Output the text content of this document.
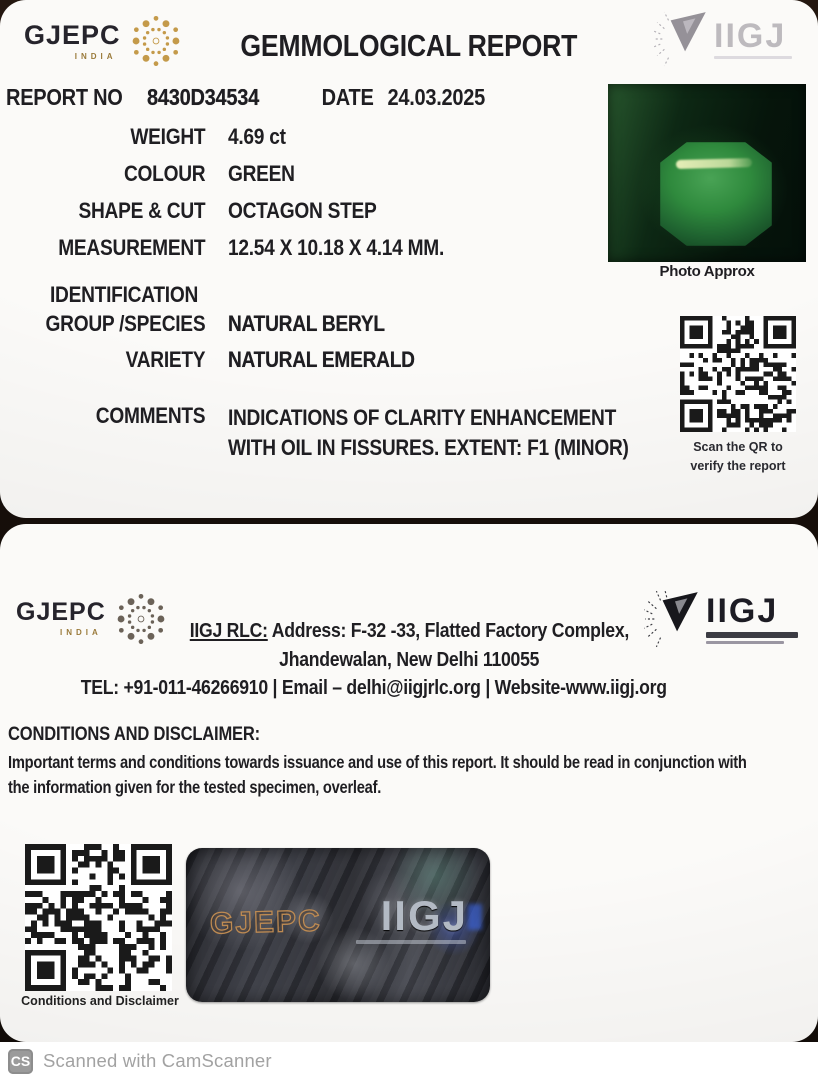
GJEPC
INDIA
IIGJ
GEMMOLOGICAL REPORT
REPORT NO 8430D34534	DATE 24.03.2025
WEIGHT 4.69 ct
COLOUR GREEN
SHAPE & CUT OCTAGON STEP
MEASUREMENT 12.54 X 10.18 X 4.14 MM.
IDENTIFICATION
GROUP /SPECIES NATURAL BERYL
VARIETY NATURAL EMERALD
COMMENTS INDICATIONS OF CLARITY ENHANCEMENT
WITH OIL IN FISSURES. EXTENT: F1 (MINOR)
Photo Approx
Scan the QR to
verify the report
GJEPC
INDIA
IIGJ
IIGJ RLC: Address: F-32 -33, Flatted Factory Complex,
Jhandewalan, New Delhi 110055
TEL: +91-011-46266910 | Email – delhi@iigjrlc.org | Website-www.iigj.org
CONDITIONS AND DISCLAIMER:
Important terms and conditions towards issuance and use of this report. It should be read in conjunction with
the information given for the tested specimen, overleaf.
Conditions and Disclaimer
GJEPC IIGJ
CS Scanned with CamScanner
